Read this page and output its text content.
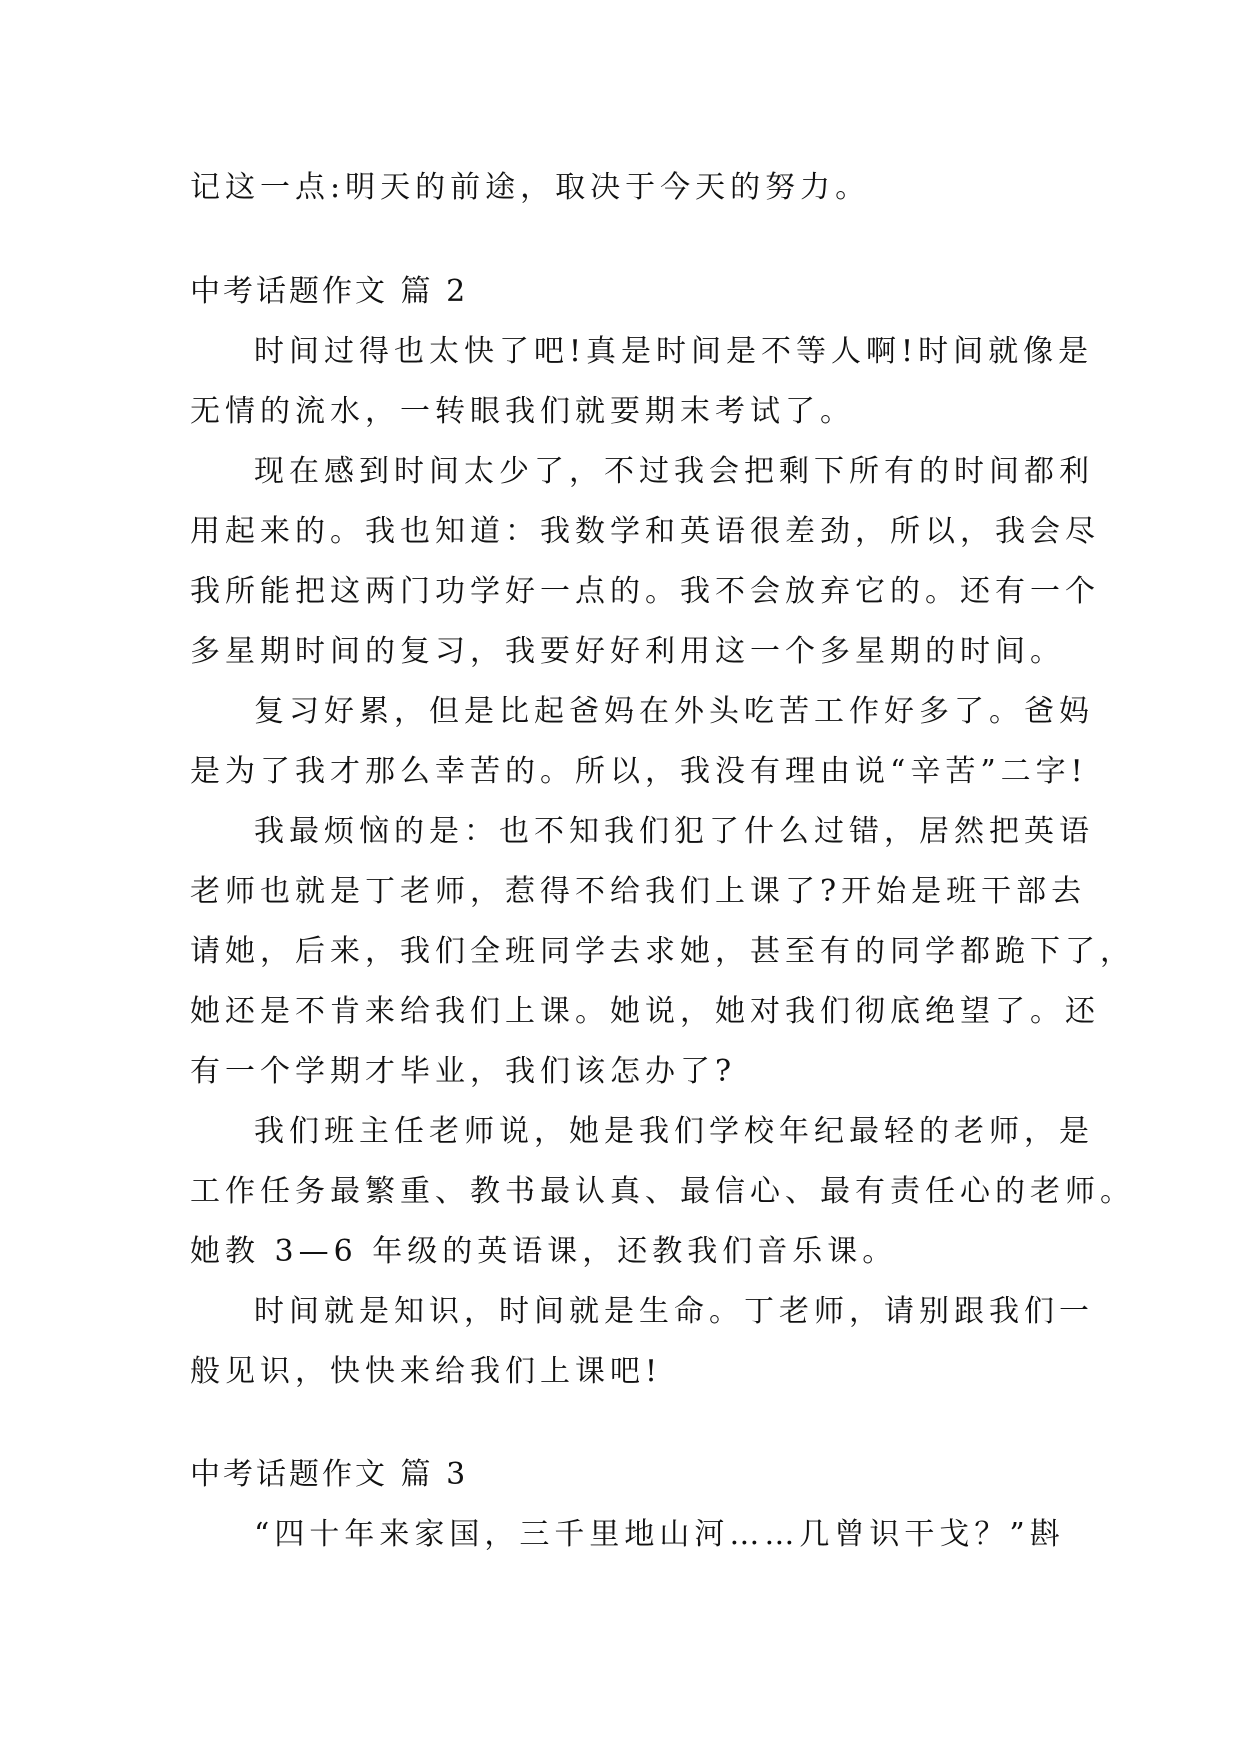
记这一点:明天的前途，取决于今天的努力。
中考话题作文 篇 2
时间过得也太快了吧!真是时间是不等人啊!时间就像是
无情的流水，一转眼我们就要期末考试了。
现在感到时间太少了，不过我会把剩下所有的时间都利
用起来的。我也知道：我数学和英语很差劲，所以，我会尽
我所能把这两门功学好一点的。我不会放弃它的。还有一个
多星期时间的复习，我要好好利用这一个多星期的时间。
复习好累，但是比起爸妈在外头吃苦工作好多了。爸妈
是为了我才那么幸苦的。所以，我没有理由说“辛苦”二字!
我最烦恼的是：也不知我们犯了什么过错，居然把英语
老师也就是丁老师，惹得不给我们上课了?开始是班干部去
请她，后来，我们全班同学去求她，甚至有的同学都跪下了，
她还是不肯来给我们上课。她说，她对我们彻底绝望了。还
有一个学期才毕业，我们该怎办了?
我们班主任老师说，她是我们学校年纪最轻的老师，是
工作任务最繁重、教书最认真、最信心、最有责任心的老师。
她教 3—6 年级的英语课，还教我们音乐课。
时间就是知识，时间就是生命。丁老师，请别跟我们一
般见识，快快来给我们上课吧!
中考话题作文 篇 3
“四十年来家国，三千里地山河……几曾识干戈？”斟
